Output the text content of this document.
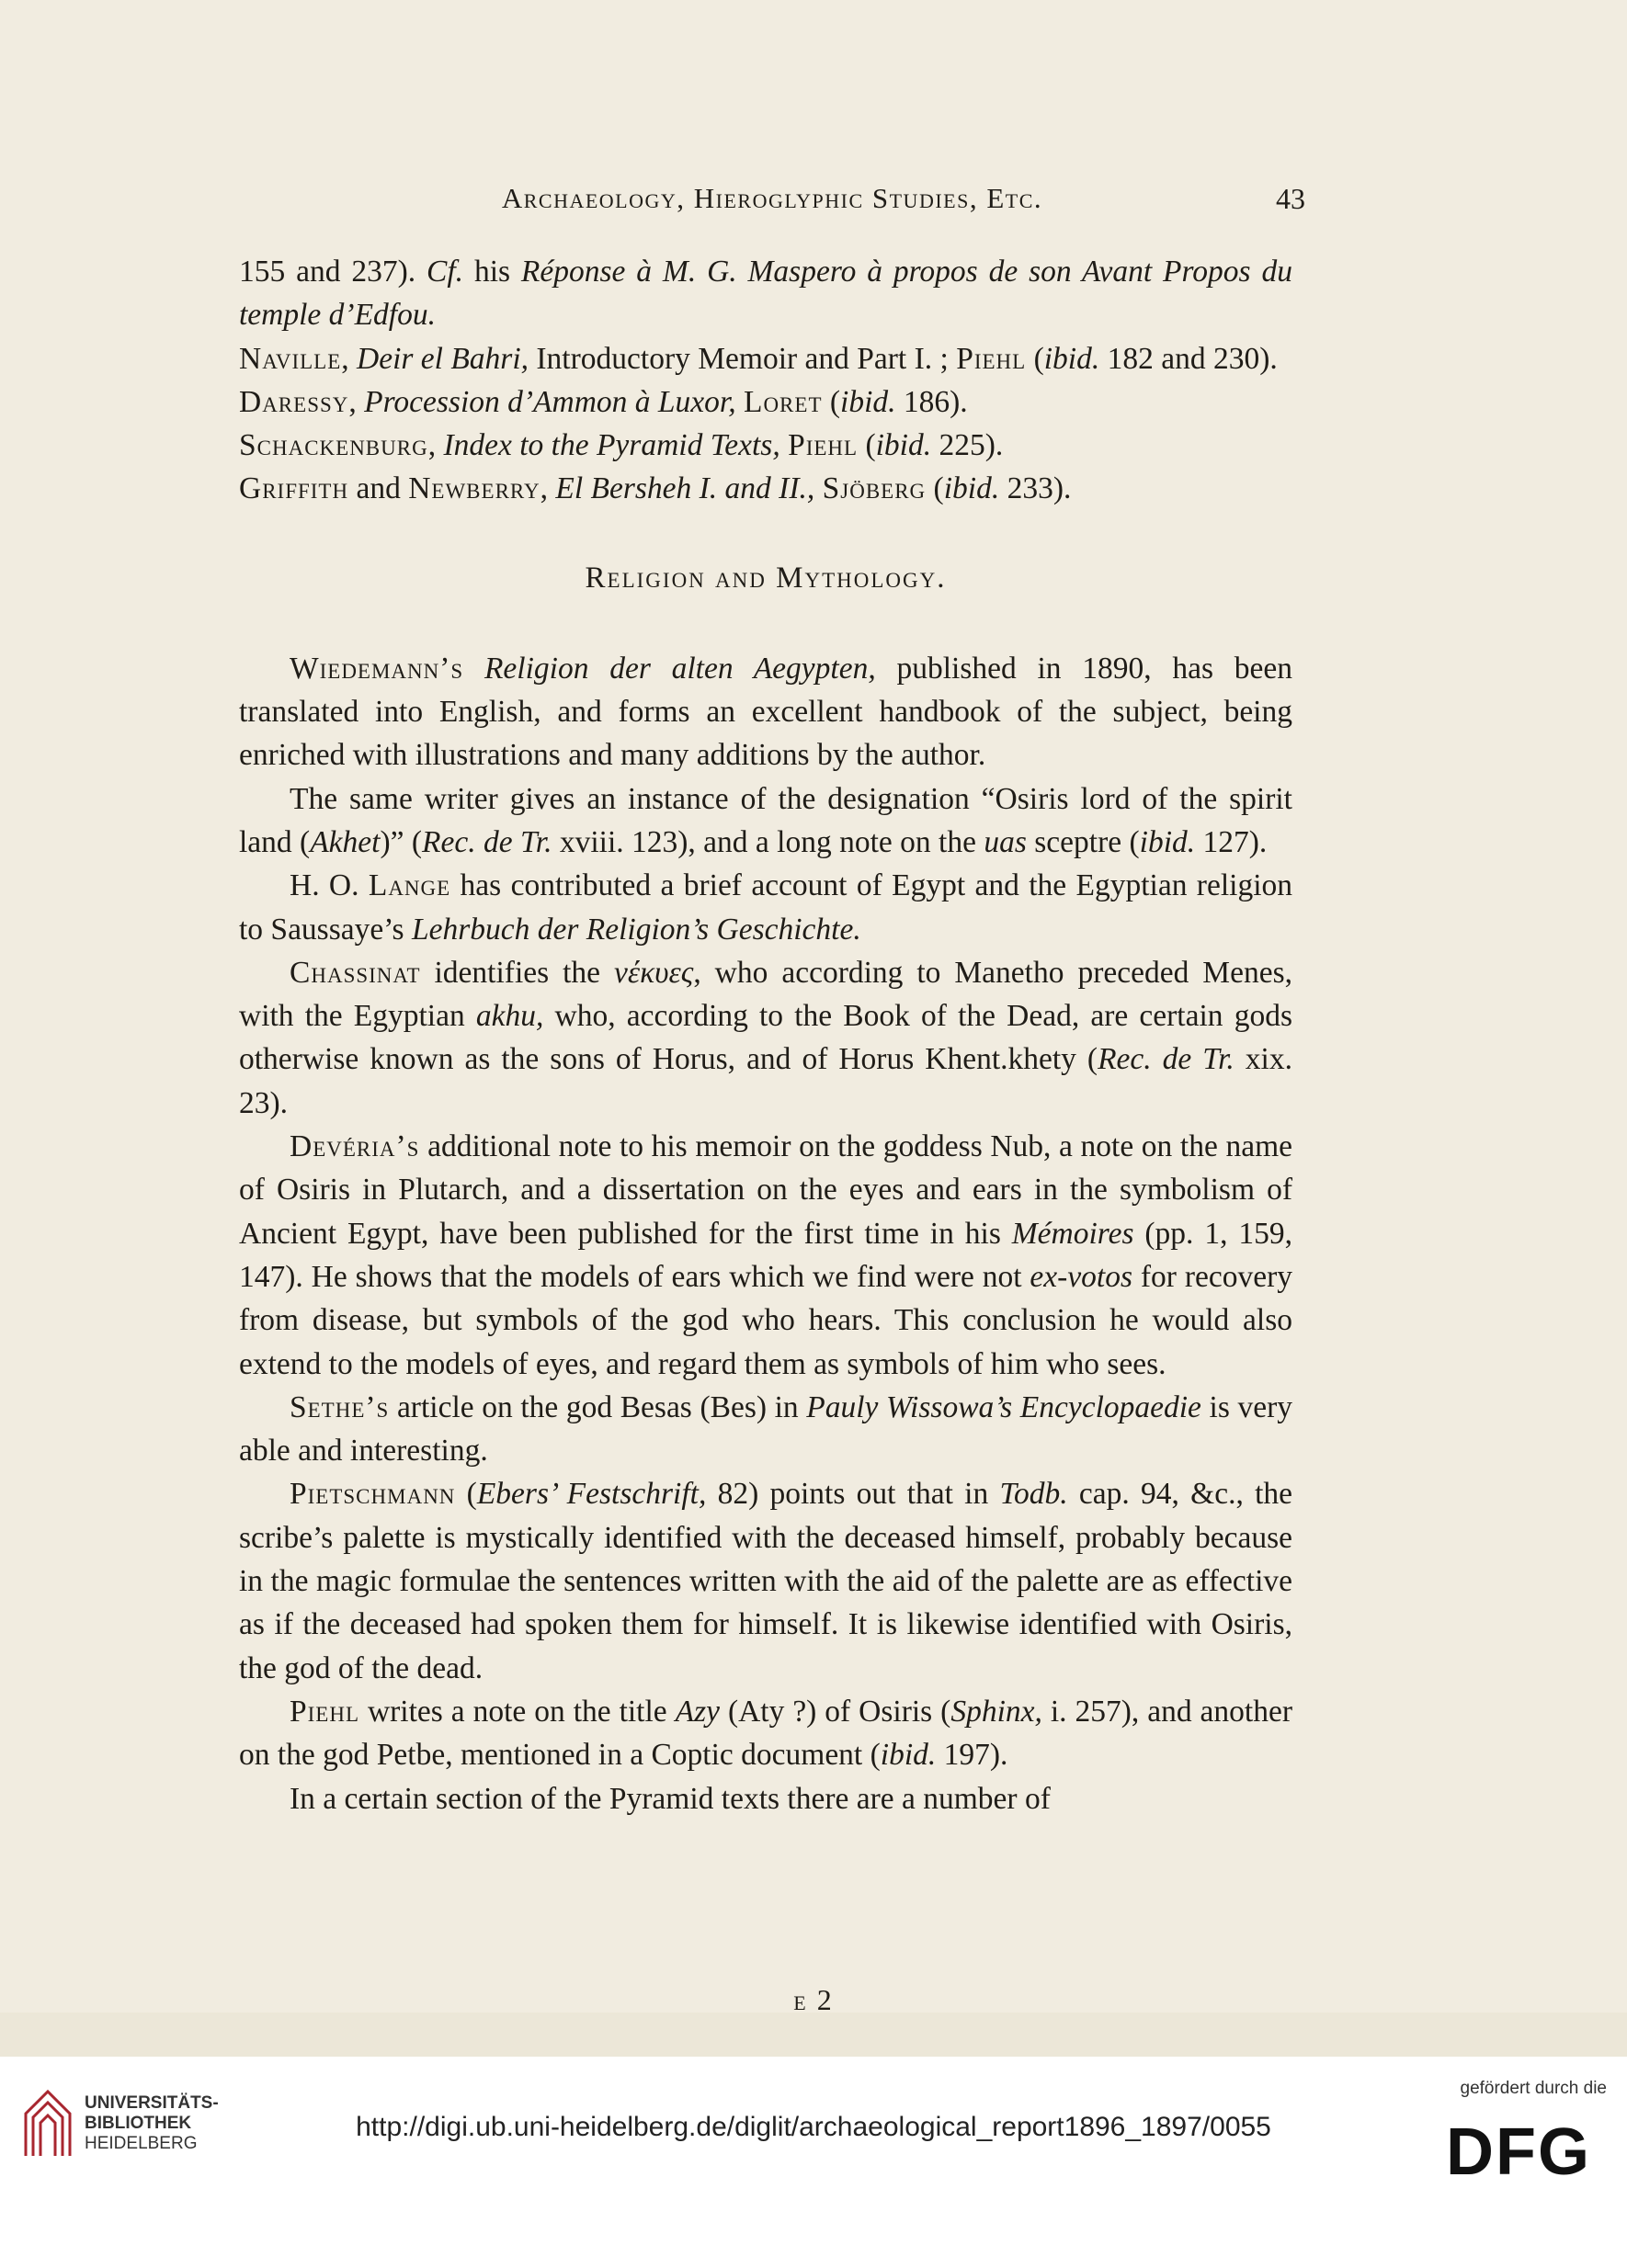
Archaeology, Hieroglyphic Studies, Etc.	43

155 and 237). Cf. his Réponse à M. G. Maspero à propos de son Avant Propos du temple d’Edfou.

Naville, Deir el Bahri, Introductory Memoir and Part I. ; Piehl (ibid. 182 and 230).

Daressy, Procession d’Ammon à Luxor, Loret (ibid. 186).

Schackenburg, Index to the Pyramid Texts, Piehl (ibid. 225).

Griffith and Newberry, El Bersheh I. and II., Sjöberg (ibid. 233).

Religion and Mythology.

Wiedemann’s Religion der alten Aegypten, published in 1890, has been translated into English, and forms an excellent handbook of the subject, being enriched with illustrations and many additions by the author.

The same writer gives an instance of the designation “Osiris lord of the spirit land (Akhet)” (Rec. de Tr. xviii. 123), and a long note on the uas sceptre (ibid. 127).

H. O. Lange has contributed a brief account of Egypt and the Egyptian religion to Saussaye’s Lehrbuch der Religion’s Geschichte.

Chassinat identifies the νέκυες, who according to Manetho preceded Menes, with the Egyptian akhu, who, according to the Book of the Dead, are certain gods otherwise known as the sons of Horus, and of Horus Khent.khety (Rec. de Tr. xix. 23).

Devéria’s additional note to his memoir on the goddess Nub, a note on the name of Osiris in Plutarch, and a dissertation on the eyes and ears in the symbolism of Ancient Egypt, have been published for the first time in his Mémoires (pp. 1, 159, 147). He shows that the models of ears which we find were not ex-votos for recovery from disease, but symbols of the god who hears. This conclusion he would also extend to the models of eyes, and regard them as symbols of him who sees.

Sethe’s article on the god Besas (Bes) in Pauly Wissowa’s Encyclopaedie is very able and interesting.

Pietschmann (Ebers’ Festschrift, 82) points out that in Todb. cap. 94, &c., the scribe’s palette is mystically identified with the deceased himself, probably because in the magic formulae the sentences written with the aid of the palette are as effective as if the deceased had spoken them for himself. It is likewise identified with Osiris, the god of the dead.

Piehl writes a note on the title Azy (Aty ?) of Osiris (Sphinx, i. 257), and another on the god Petbe, mentioned in a Coptic document (ibid. 197).

In a certain section of the Pyramid texts there are a number of

e 2
UNIVERSITÄTS-
BIBLIOTHEK
HEIDELBERG
http://digi.ub.uni-heidelberg.de/diglit/archaeological_report1896_1897/0055
gefördert durch die
DFG
